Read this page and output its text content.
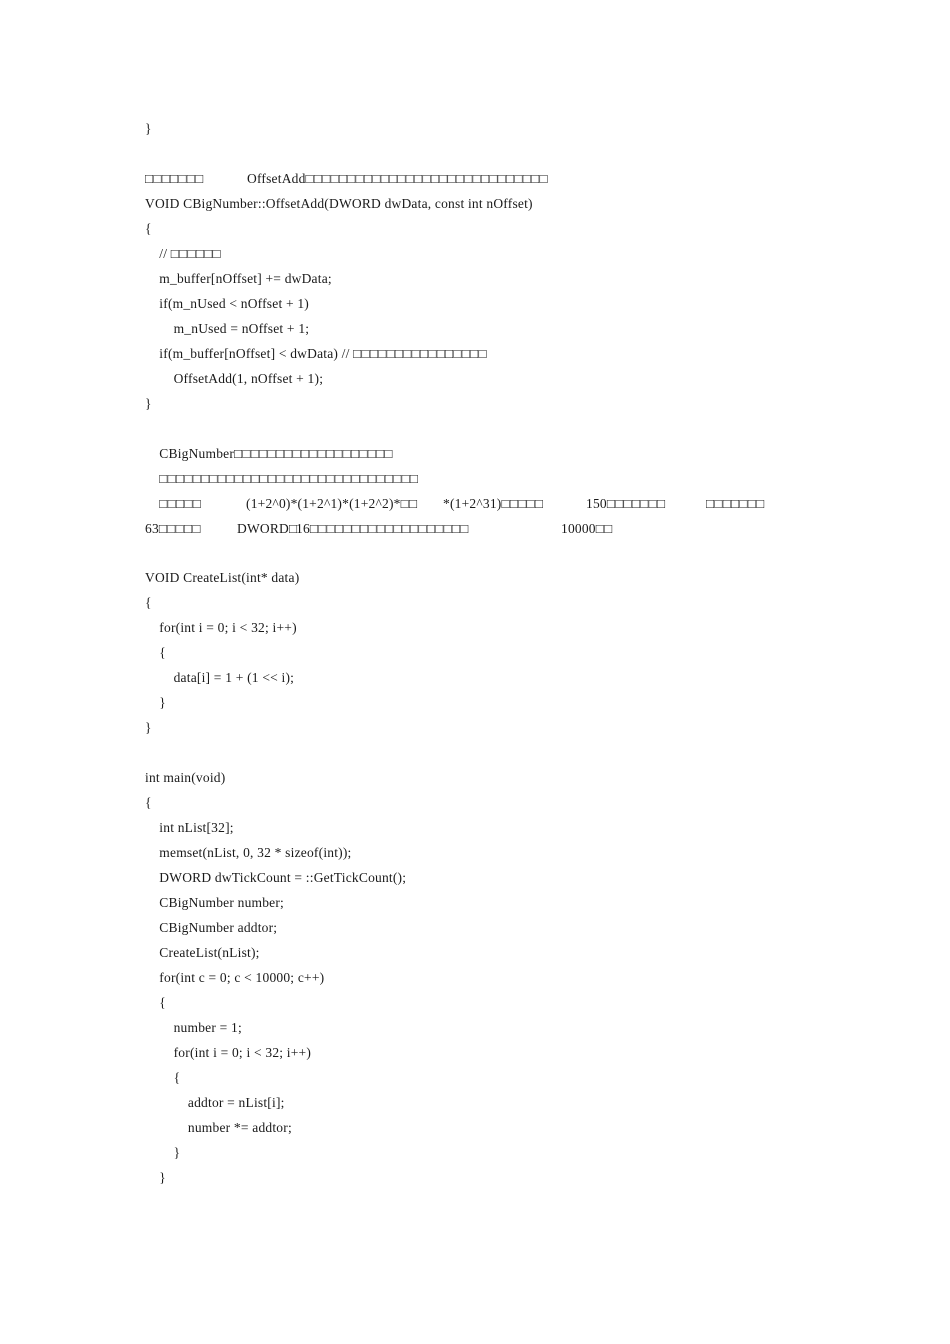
}

□□□□□□□

	OffsetAdd□□□□□□□□□□□□□□□□□□□□□□□□□□□□□

VOID CBigNumber::OffsetAdd(DWORD dwData, const int nOffset)
{
// □□□□□□
m_buffer[nOffset] += dwData;
if(m_nUsed < nOffset + 1)
m_nUsed = nOffset + 1;
if(m_buffer[nOffset] < dwData) // □□□□□□□□□□□□□□□□
OffsetAdd(1, nOffset + 1);
}
CBigNumber□□□□□□□□□□□□□□□□□□□
□□□□□□□□□□□□□□□□□□□□□□□□□□□□□□□

□□□□□

	(1+2^0)*(1+2^1)*(1+2^2)*□□

*(1+2^31)□□□□□

	150□□□□□□□

	□□□□□□□

63□□□□□

	DWORD□

16□□□□□□□□□□□□□□□□□□□

	10000□□

VOID CreateList(int* data)
{
for(int i = 0; i < 32; i++)
{
data[i] = 1 + (1 << i);
}
}
int main(void)
{
int nList[32];
memset(nList, 0, 32 * sizeof(int));
DWORD dwTickCount = ::GetTickCount();
CBigNumber number;
CBigNumber addtor;
CreateList(nList);
for(int c = 0; c < 10000; c++)
{
number = 1;
for(int i = 0; i < 32; i++)
{
addtor = nList[i];
number *= addtor;
}
}
